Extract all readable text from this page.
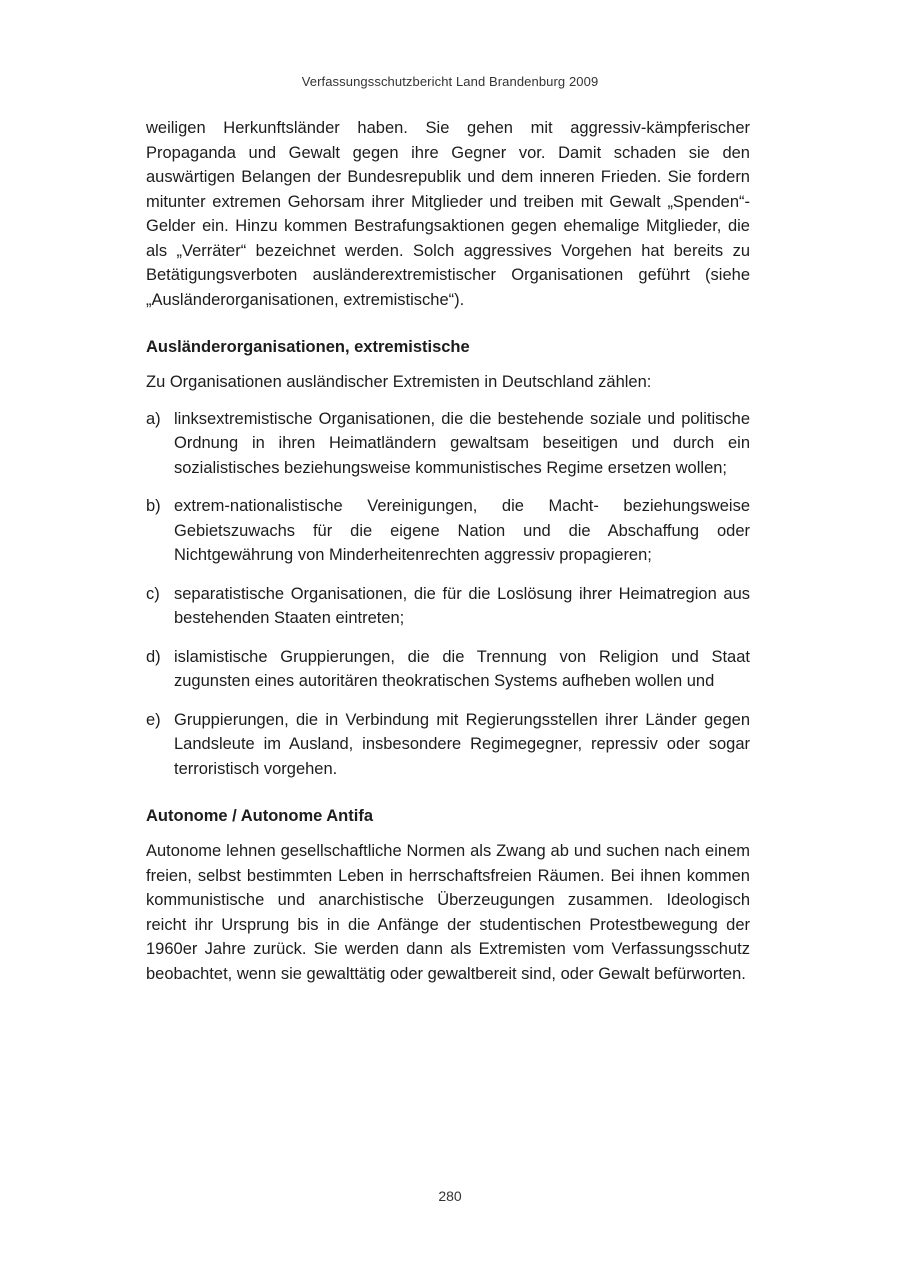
Verfassungsschutzbericht Land Brandenburg 2009

weiligen Herkunftsländer haben. Sie gehen mit aggressiv-kämpferischer Propaganda und Gewalt gegen ihre Gegner vor. Damit schaden sie den auswärtigen Belangen der Bundesrepublik und dem inneren Frieden. Sie fordern mitunter extremen Gehorsam ihrer Mitglieder und treiben mit Gewalt „Spenden“-Gelder ein. Hinzu kommen Bestrafungsaktionen gegen ehemalige Mitglieder, die als „Verräter“ bezeichnet werden. Solch aggressives Vorgehen hat bereits zu Betätigungsverboten ausländerextremistischer Organisationen geführt (siehe „Ausländerorganisationen, extremistische“).

Ausländerorganisationen, extremistische

Zu Organisationen ausländischer Extremisten in Deutschland zählen:

a) linksextremistische Organisationen, die die bestehende soziale und politische Ordnung in ihren Heimatländern gewaltsam beseitigen und durch ein sozialistisches beziehungsweise kommunistisches Regime ersetzen wollen;
b) extrem-nationalistische Vereinigungen, die Macht- beziehungsweise Gebietszuwachs für die eigene Nation und die Abschaffung oder Nichtgewährung von Minderheitenrechten aggressiv propagieren;
c) separatistische Organisationen, die für die Loslösung ihrer Heimatregion aus bestehenden Staaten eintreten;
d) islamistische Gruppierungen, die die Trennung von Religion und Staat zugunsten eines autoritären theokratischen Systems aufheben wollen und
e) Gruppierungen, die in Verbindung mit Regierungsstellen ihrer Länder gegen Landsleute im Ausland, insbesondere Regimegegner, repressiv oder sogar terroristisch vorgehen.
Autonome / Autonome Antifa

Autonome lehnen gesellschaftliche Normen als Zwang ab und suchen nach einem freien, selbst bestimmten Leben in herrschaftsfreien Räumen. Bei ihnen kommen kommunistische und anarchistische Überzeugungen zusammen. Ideologisch reicht ihr Ursprung bis in die Anfänge der studentischen Protestbewegung der 1960er Jahre zurück. Sie werden dann als Extremisten vom Verfassungsschutz beobachtet, wenn sie gewalttätig oder gewaltbereit sind, oder Gewalt befürworten.

280
